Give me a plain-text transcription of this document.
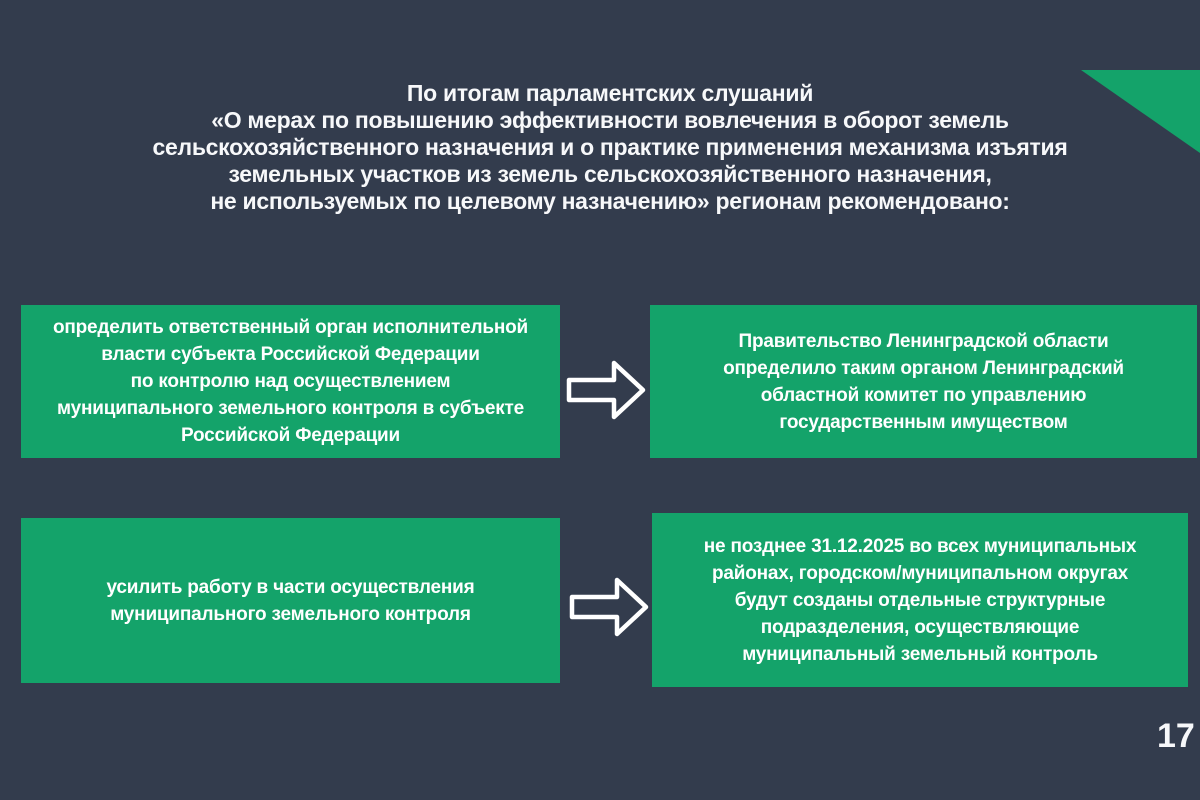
По итогам парламентских слушаний
«О мерах по повышению эффективности вовлечения в оборот земель
сельскохозяйственного назначения и о практике применения механизма изъятия
земельных участков из земель сельскохозяйственного назначения,
не используемых по целевому назначению» регионам рекомендовано:
определить ответственный орган исполнительной
власти субъекта Российской Федерации
по контролю над осуществлением
муниципального земельного контроля в субъекте
Российской Федерации
Правительство Ленинградской области
определило таким органом Ленинградский
областной комитет по управлению
государственным имуществом
усилить работу в части осуществления
муниципального земельного контроля
не позднее 31.12.2025 во всех муниципальных
районах, городском/муниципальном округах
будут созданы отдельные структурные
подразделения, осуществляющие
муниципальный земельный контроль
17
